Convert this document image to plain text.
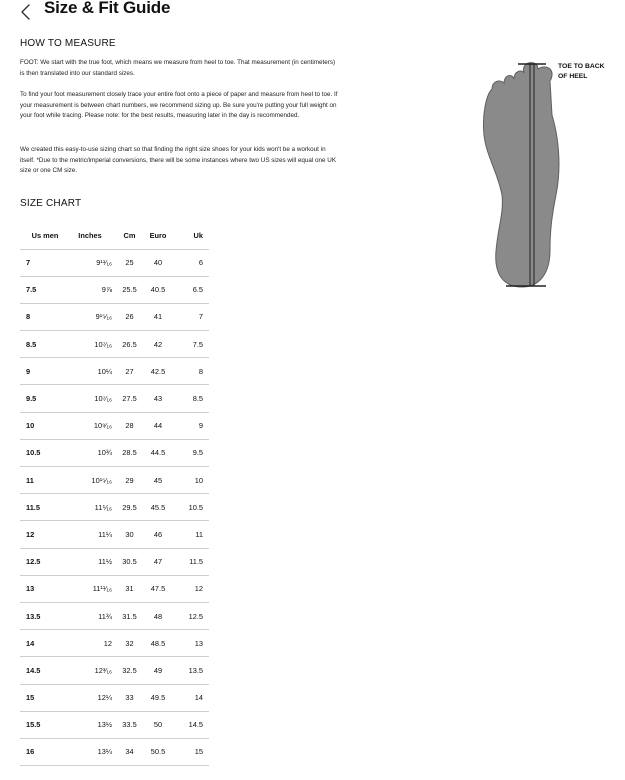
Size & Fit Guide
HOW TO MEASURE

FOOT: We start with the true foot, which means we measure from heel to toe. That measurement (in centimeters) is then translated into our standard sizes.

To find your foot measurement closely trace your entire foot onto a piece of paper and measure from heel to toe. If your measurement is between chart numbers, we recommend sizing up. Be sure you're putting your full weight on your foot while tracing. Please note: for the best results, measuring later in the day is recommended.

We created this easy-to-use sizing chart so that finding the right size shoes for your kids won't be a workout in itself. *Due to the metric/imperial conversions, there will be some instances where two US sizes will equal one UK size or one CM size.

TOE TO BACK OF HEEL
SIZE CHART
Us men	Inches	Cm	Euro	Uk
7	9¹¹⁄₁₆	25	40	6
7.5	9⅞	25.5	40.5	6.5
8	9¹⁵⁄₁₆	26	41	7
8.5	10⁷⁄₁₆	26.5	42	7.5
9	10¼	27	42.5	8
9.5	10⁷⁄₁₆	27.5	43	8.5
10	10⁹⁄₁₆	28	44	9
10.5	10¾	28.5	44.5	9.5
11	10¹⁵⁄₁₆	29	45	10
11.5	11⅟₁₆	29.5	45.5	10.5
12	11¼	30	46	11
12.5	11½	30.5	47	11.5
13	11¹¹⁄₁₆	31	47.5	12
13.5	11¾	31.5	48	12.5
14	12	32	48.5	13
14.5	12³⁄₁₆	32.5	49	13.5
15	12¼	33	49.5	14
15.5	13½	33.5	50	14.5
16	13¼	34	50.5	15
